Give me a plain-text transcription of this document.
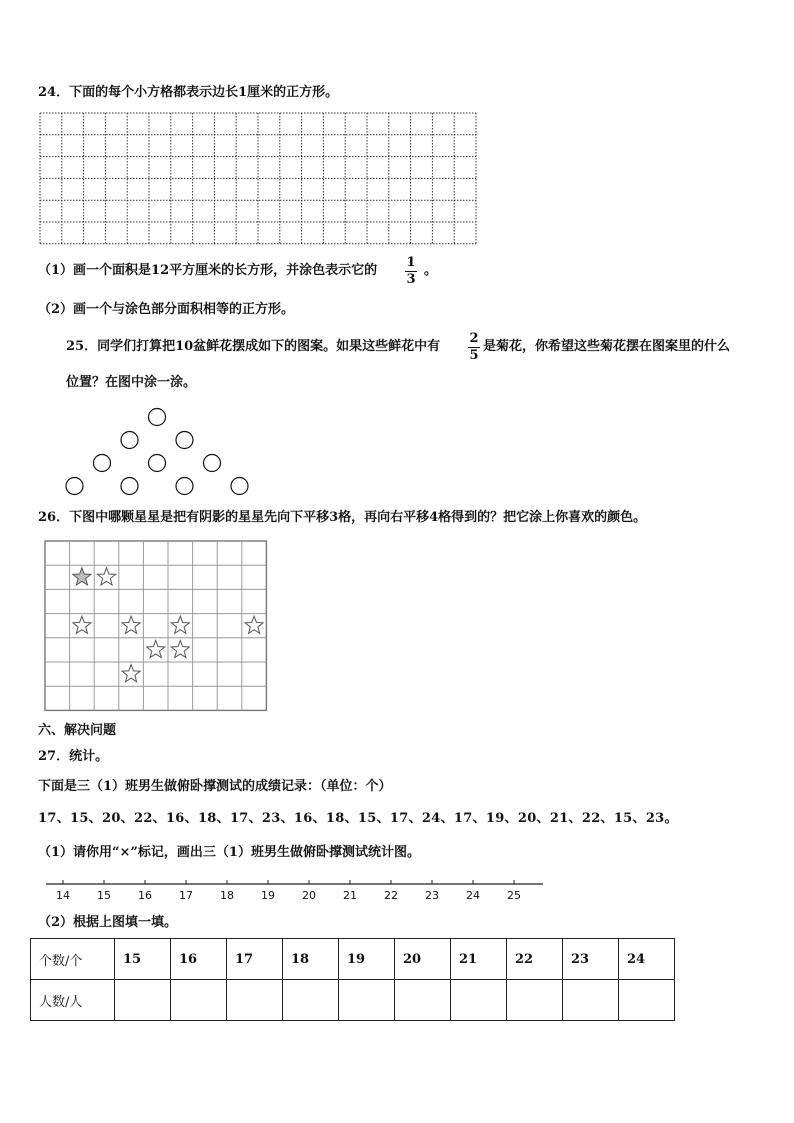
24．下面的每个小方格都表示边长1厘米的正方形。
（1）画一个面积是12平方厘米的长方形，并涂色表示它的
1
3
。
（2）画一个与涂色部分面积相等的正方形。
25．同学们打算把10盆鲜花摆成如下的图案。如果这些鲜花中有
2
5
是菊花，你希望这些菊花摆在图案里的什么
位置？在图中涂一涂。
26．下图中哪颗星星是把有阴影的星星先向下平移3格，再向右平移4格得到的？把它涂上你喜欢的颜色。
六、解决问题
27．统计。
下面是三（1）班男生做俯卧撑测试的成绩记录：（单位：个）
17、15、20、22、16、18、17、23、16、18、15、17、24、17、19、20、21、22、15、23。
（1）请你用“×”标记，画出三（1）班男生做俯卧撑测试统计图。
14 15 16 17 18 19 20 21 22 23 24 25
（2）根据上图填一填。
个数/个	15	16	17	18	19	20	21	22	23	24
人数/人										
